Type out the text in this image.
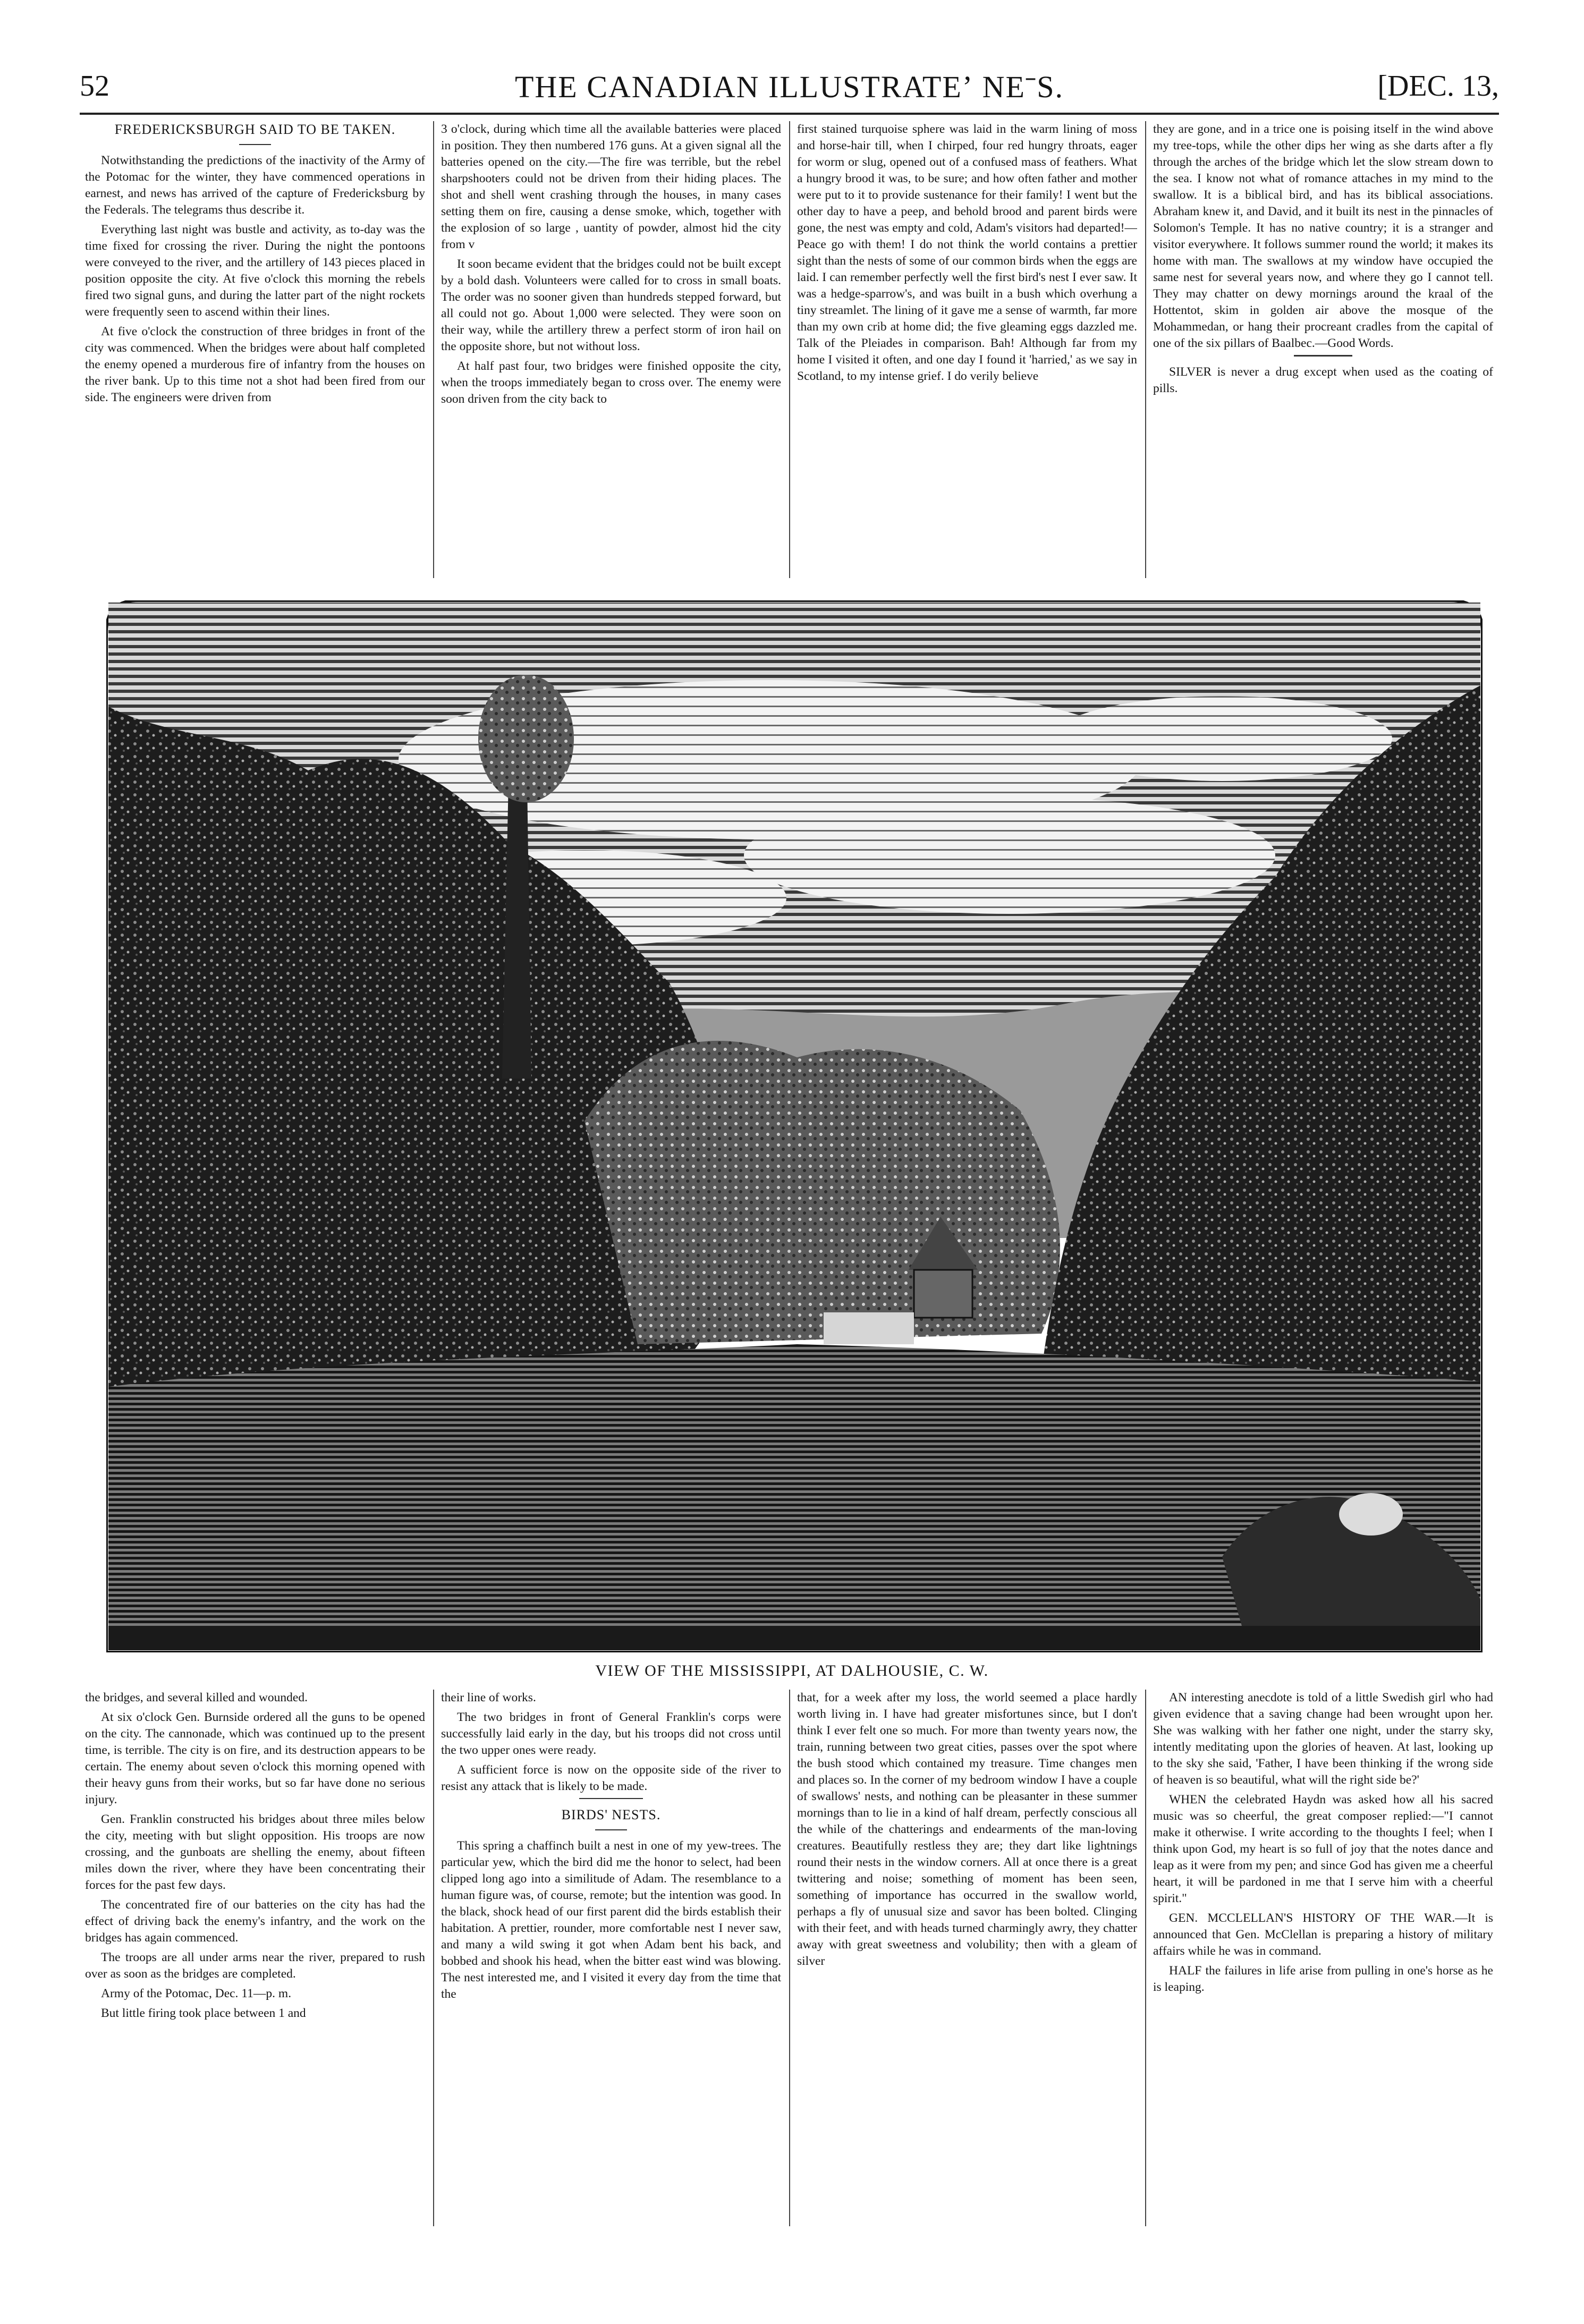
52	THE CANADIAN ILLUSTRATEʼ NEˉS.	[DEC. 13,
FREDERICKSBURGH SAID TO BE TAKEN.

Notwithstanding the predictions of the inactivity of the Army of the Potomac for the winter, they have commenced operations in earnest, and news has arrived of the capture of Fredericksburg by the Federals. The telegrams thus describe it.

Everything last night was bustle and activity, as to-day was the time fixed for crossing the river. During the night the pontoons were conveyed to the river, and the artillery of 143 pieces placed in position opposite the city. At five o'clock this morning the rebels fired two signal guns, and during the latter part of the night rockets were frequently seen to ascend within their lines.

At five o'clock the construction of three bridges in front of the city was commenced. When the bridges were about half completed the enemy opened a murderous fire of infantry from the houses on the river bank. Up to this time not a shot had been fired from our side. The engineers were driven from

3 o'clock, during which time all the available batteries were placed in position. They then numbered 176 guns. At a given signal all the batteries opened on the city.—The fire was terrible, but the rebel sharpshooters could not be driven from their hiding places. The shot and shell went crashing through the houses, in many cases setting them on fire, causing a dense smoke, which, together with the explosion of so large , uantity of powder, almost hid the city from v

It soon became evident that the bridges could not be built except by a bold dash. Volunteers were called for to cross in small boats. The order was no sooner given than hundreds stepped forward, but all could not go. About 1,000 were selected. They were soon on their way, while the artillery threw a perfect storm of iron hail on the opposite shore, but not without loss.

At half past four, two bridges were finished opposite the city, when the troops immediately began to cross over. The enemy were soon driven from the city back to

first stained turquoise sphere was laid in the warm lining of moss and horse-hair till, when I chirped, four red hungry throats, eager for worm or slug, opened out of a confused mass of feathers. What a hungry brood it was, to be sure; and how often father and mother were put to it to provide sustenance for their family! I went but the other day to have a peep, and behold brood and parent birds were gone, the nest was empty and cold, Adam's visitors had departed!—Peace go with them! I do not think the world contains a prettier sight than the nests of some of our common birds when the eggs are laid. I can remember perfectly well the first bird's nest I ever saw. It was a hedge-sparrow's, and was built in a bush which overhung a tiny streamlet. The lining of it gave me a sense of warmth, far more than my own crib at home did; the five gleaming eggs dazzled me. Talk of the Pleiades in comparison. Bah! Although far from my home I visited it often, and one day I found it 'harried,' as we say in Scotland, to my intense grief. I do verily believe

they are gone, and in a trice one is poising itself in the wind above my tree-tops, while the other dips her wing as she darts after a fly through the arches of the bridge which let the slow stream down to the sea. I know not what of romance attaches in my mind to the swallow. It is a biblical bird, and has its biblical associations. Abraham knew it, and David, and it built its nest in the pinnacles of Solomon's Temple. It has no native country; it is a stranger and visitor everywhere. It follows summer round the world; it makes its home with man. The swallows at my window have occupied the same nest for several years now, and where they go I cannot tell. They may chatter on dewy mornings around the kraal of the Hottentot, skim in golden air above the mosque of the Mohammedan, or hang their procreant cradles from the capital of one of the six pillars of Baalbec.—Good Words.

SILVER is never a drug except when used as the coating of pills.

VIEW OF THE MISSISSIPPI, AT DALHOUSIE, C. W.

the bridges, and several killed and wounded.

At six o'clock Gen. Burnside ordered all the guns to be opened on the city. The cannonade, which was continued up to the present time, is terrible. The city is on fire, and its destruction appears to be certain. The enemy about seven o'clock this morning opened with their heavy guns from their works, but so far have done no serious injury.

Gen. Franklin constructed his bridges about three miles below the city, meeting with but slight opposition. His troops are now crossing, and the gunboats are shelling the enemy, about fifteen miles down the river, where they have been concentrating their forces for the past few days.

The concentrated fire of our batteries on the city has had the effect of driving back the enemy's infantry, and the work on the bridges has again commenced.

The troops are all under arms near the river, prepared to rush over as soon as the bridges are completed.

Army of the Potomac, Dec. 11—p. m.

But little firing took place between 1 and

their line of works.

The two bridges in front of General Franklin's corps were successfully laid early in the day, but his troops did not cross until the two upper ones were ready.

A sufficient force is now on the opposite side of the river to resist any attack that is likely to be made.

BIRDS' NESTS.

This spring a chaffinch built a nest in one of my yew-trees. The particular yew, which the bird did me the honor to select, had been clipped long ago into a similitude of Adam. The resemblance to a human figure was, of course, remote; but the intention was good. In the black, shock head of our first parent did the birds establish their habitation. A prettier, rounder, more comfortable nest I never saw, and many a wild swing it got when Adam bent his back, and bobbed and shook his head, when the bitter east wind was blowing. The nest interested me, and I visited it every day from the time that the

that, for a week after my loss, the world seemed a place hardly worth living in. I have had greater misfortunes since, but I don't think I ever felt one so much. For more than twenty years now, the train, running between two great cities, passes over the spot where the bush stood which contained my treasure. Time changes men and places so. In the corner of my bedroom window I have a couple of swallows' nests, and nothing can be pleasanter in these summer mornings than to lie in a kind of half dream, perfectly conscious all the while of the chatterings and endearments of the man-loving creatures. Beautifully restless they are; they dart like lightnings round their nests in the window corners. All at once there is a great twittering and noise; something of moment has been seen, something of importance has occurred in the swallow world, perhaps a fly of unusual size and savor has been bolted. Clinging with their feet, and with heads turned charmingly awry, they chatter away with great sweetness and volubility; then with a gleam of silver

AN interesting anecdote is told of a little Swedish girl who had given evidence that a saving change had been wrought upon her. She was walking with her father one night, under the starry sky, intently meditating upon the glories of heaven. At last, looking up to the sky she said, 'Father, I have been thinking if the wrong side of heaven is so beautiful, what will the right side be?'

WHEN the celebrated Haydn was asked how all his sacred music was so cheerful, the great composer replied:—"I cannot make it otherwise. I write according to the thoughts I feel; when I think upon God, my heart is so full of joy that the notes dance and leap as it were from my pen; and since God has given me a cheerful heart, it will be pardoned in me that I serve him with a cheerful spirit."

GEN. MCCLELLAN'S HISTORY OF THE WAR.—It is announced that Gen. McClellan is preparing a history of military affairs while he was in command.

HALF the failures in life arise from pulling in one's horse as he is leaping.
